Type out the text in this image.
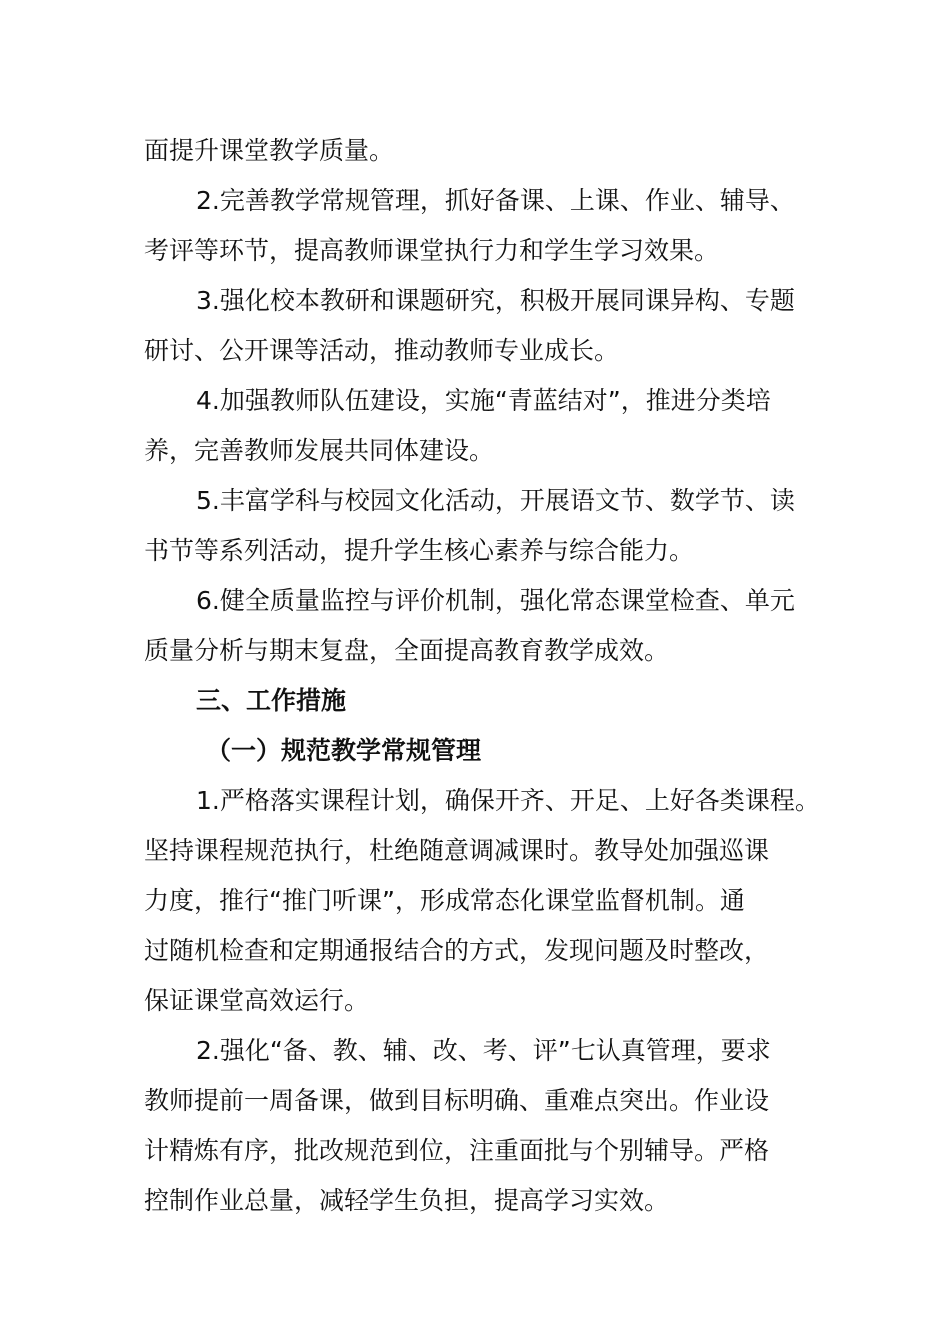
面提升课堂教学质量。

2.完善教学常规管理，抓好备课、上课、作业、辅导、

考评等环节，提高教师课堂执行力和学生学习效果。

3.强化校本教研和课题研究，积极开展同课异构、专题

研讨、公开课等活动，推动教师专业成长。

4.加强教师队伍建设，实施“青蓝结对”，推进分类培

养，完善教师发展共同体建设。

5.丰富学科与校园文化活动，开展语文节、数学节、读

书节等系列活动，提升学生核心素养与综合能力。

6.健全质量监控与评价机制，强化常态课堂检查、单元

质量分析与期末复盘，全面提高教育教学成效。

三、工作措施

（一）规范教学常规管理

1.严格落实课程计划，确保开齐、开足、上好各类课程。

坚持课程规范执行，杜绝随意调减课时。教导处加强巡课

力度，推行“推门听课”，形成常态化课堂监督机制。通

过随机检查和定期通报结合的方式，发现问题及时整改，

保证课堂高效运行。

2.强化“备、教、辅、改、考、评”七认真管理，要求

教师提前一周备课，做到目标明确、重难点突出。作业设

计精炼有序，批改规范到位，注重面批与个别辅导。严格

控制作业总量，减轻学生负担，提高学习实效。
